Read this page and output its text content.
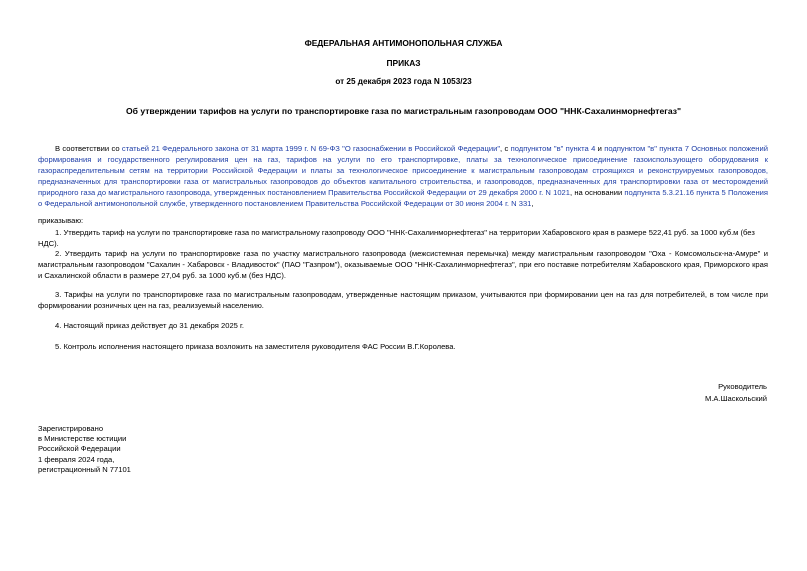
ФЕДЕРАЛЬНАЯ АНТИМОНОПОЛЬНАЯ СЛУЖБА
ПРИКАЗ
от 25 декабря 2023 года N 1053/23
Об утверждении тарифов на услуги по транспортировке газа по магистральным газопроводам ООО "ННК-Сахалинморнефтегаз"
В соответствии со статьей 21 Федерального закона от 31 марта 1999 г. N 69-ФЗ "О газоснабжении в Российской Федерации", с подпунктом "в" пункта 4 и подпунктом "в" пункта 7 Основных положений формирования и государственного регулирования цен на газ, тарифов на услуги по его транспортировке, платы за технологическое присоединение газоиспользующего оборудования к газораспределительным сетям на территории Российской Федерации и платы за технологическое присоединение к магистральным газопроводам строящихся и реконструируемых газопроводов, предназначенных для транспортировки газа от магистральных газопроводов до объектов капитального строительства, и газопроводов, предназначенных для транспортировки газа от месторождений природного газа до магистрального газопровода, утвержденных постановлением Правительства Российской Федерации от 29 декабря 2000 г. N 1021, на основании подпункта 5.3.21.16 пункта 5 Положения о Федеральной антимонопольной службе, утвержденного постановлением Правительства Российской Федерации от 30 июня 2004 г. N 331,
приказываю:
1. Утвердить тариф на услуги по транспортировке газа по магистральному газопроводу ООО "ННК-Сахалинморнефтегаз" на территории Хабаровского края в размере 522,41 руб. за 1000 куб.м (без НДС).
2. Утвердить тариф на услуги по транспортировке газа по участку магистрального газопровода (межсистемная перемычка) между магистральным газопроводом "Оха - Комсомольск-на-Амуре" и магистральным газопроводом "Сахалин - Хабаровск - Владивосток" (ПАО "Газпром"), оказываемые ООО "ННК-Сахалинморнефтегаз", при его поставке потребителям Хабаровского края, Приморского края и Сахалинской области в размере 27,04 руб. за 1000 куб.м (без НДС).
3. Тарифы на услуги по транспортировке газа по магистральным газопроводам, утвержденные настоящим приказом, учитываются при формировании цен на газ для потребителей, в том числе при формировании розничных цен на газ, реализуемый населению.
4. Настоящий приказ действует до 31 декабря 2025 г.
5. Контроль исполнения настоящего приказа возложить на заместителя руководителя ФАС России В.Г.Королева.
Руководитель
М.А.Шаскольский
Зарегистрировано
в Министерстве юстиции
Российской Федерации
1 февраля 2024 года,
регистрационный N 77101
